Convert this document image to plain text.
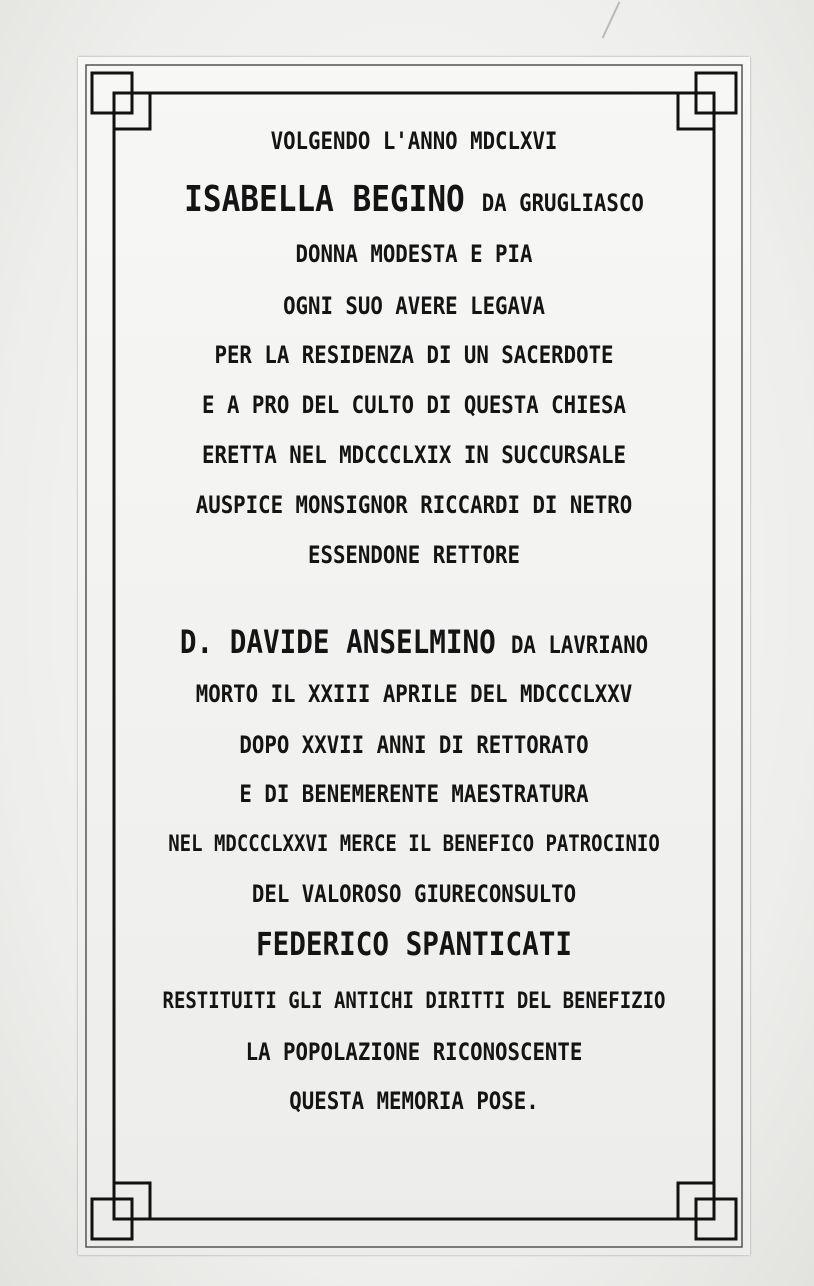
VOLGENDO L'ANNO MDCLXVI
ISABELLA BEGINO DA GRUGLIASCO
DONNA MODESTA E PIA
OGNI SUO AVERE LEGAVA
PER LA RESIDENZA DI UN SACERDOTE
E A PRO DEL CULTO DI QUESTA CHIESA
ERETTA NEL MDCCCLXIX IN SUCCURSALE
AUSPICE MONSIGNOR RICCARDI DI NETRO
ESSENDONE RETTORE
D. DAVIDE ANSELMINO DA LAVRIANO
MORTO IL XXIII APRILE DEL MDCCCLXXV
DOPO XXVII ANNI DI RETTORATO
E DI BENEMERENTE MAESTRATURA
NEL MDCCCLXXVI MERCE IL BENEFICO PATROCINIO
DEL VALOROSO GIURECONSULTO
FEDERICO SPANTICATI
RESTITUITI GLI ANTICHI DIRITTI DEL BENEFIZIO
LA POPOLAZIONE RICONOSCENTE
QUESTA MEMORIA POSE.
